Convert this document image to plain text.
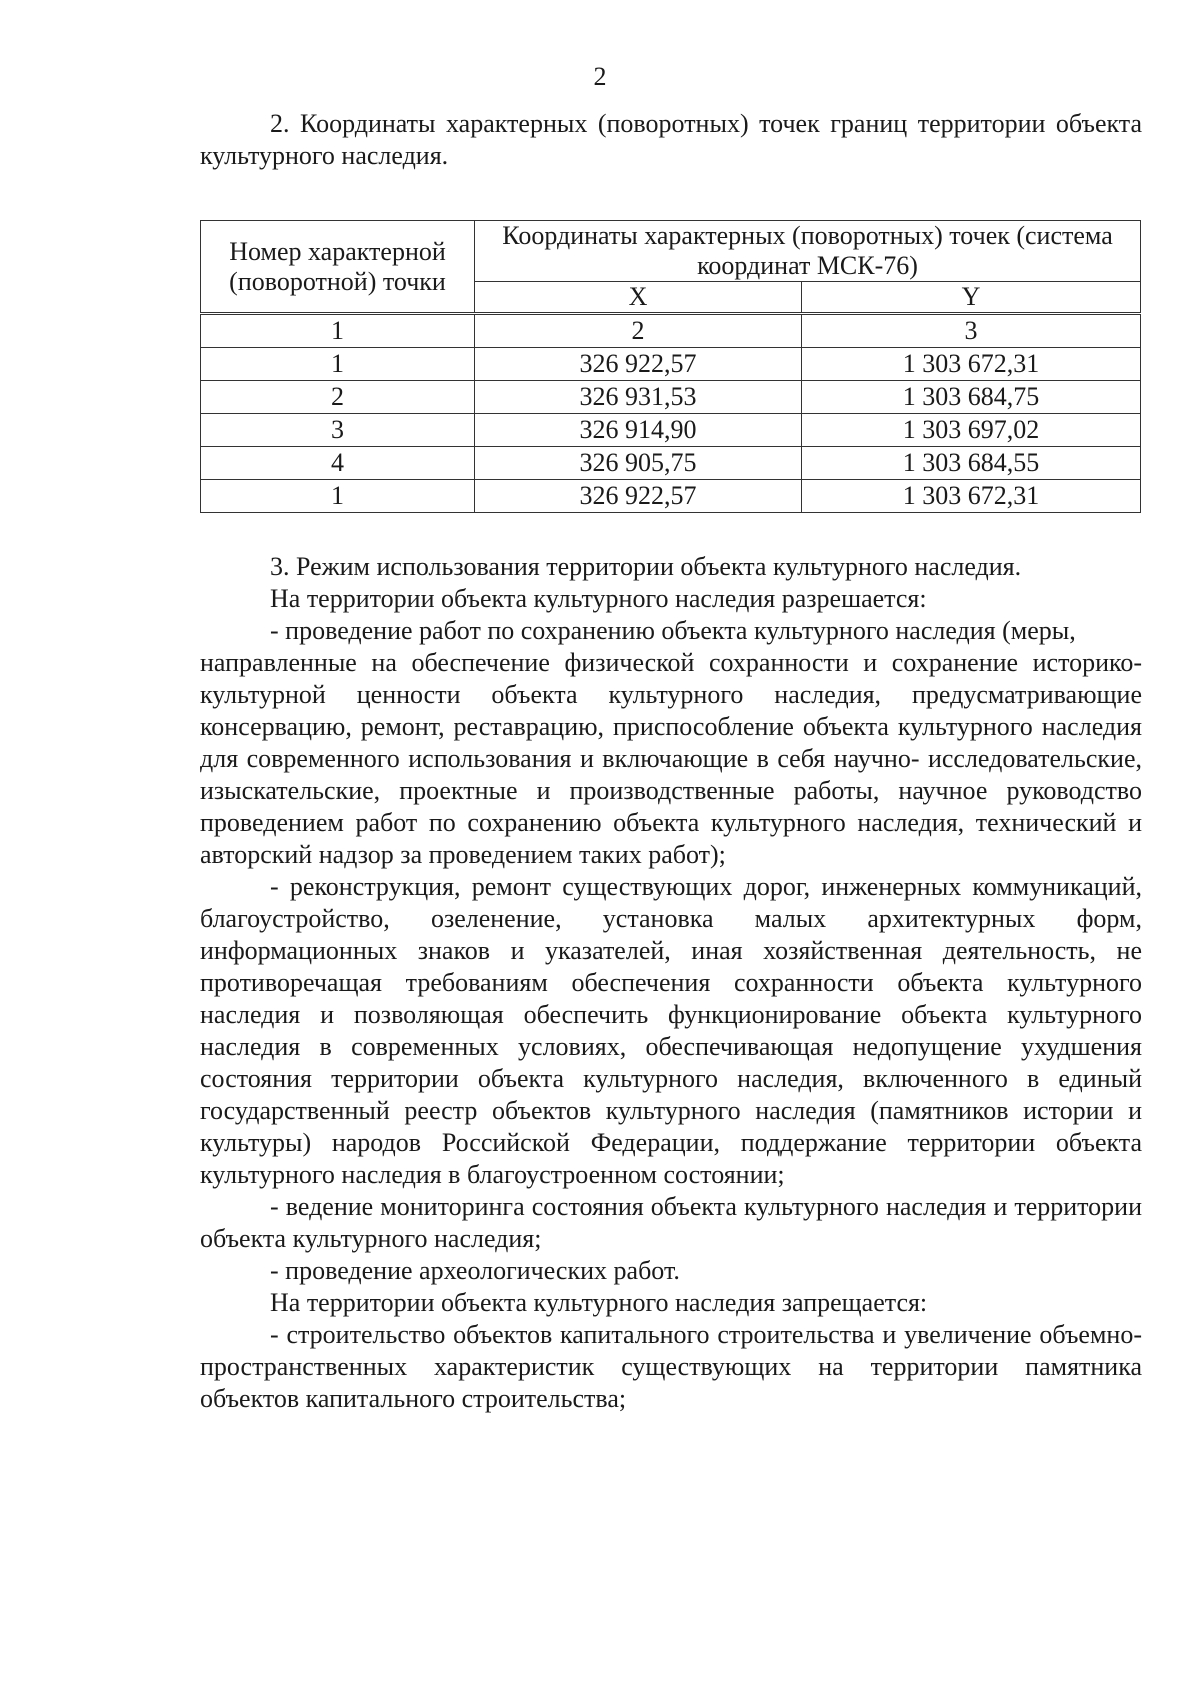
2

2. Координаты характерных (поворотных) точек границ территории объекта культурного наследия.

Номер характерной (поворотной) точки	Координаты характерных (поворотных) точек (система координат МСК-76)	
	X	Y
1	2	3
1	326 922,57	1 303 672,31
2	326 931,53	1 303 684,75
3	326 914,90	1 303 697,02
4	326 905,75	1 303 684,55
1	326 922,57	1 303 672,31

3. Режим использования территории объекта культурного наследия.

На территории объекта культурного наследия разрешается:

- проведение работ по сохранению объекта культурного наследия (меры,

направленные на обеспечение физической сохранности и сохранение историко-культурной ценности объекта культурного наследия, предусматривающие консервацию, ремонт, реставрацию, приспособление объекта культурного наследия для современного использования и включающие в себя научно- исследовательские, изыскательские, проектные и производственные работы, научное руководство проведением работ по сохранению объекта культурного наследия, технический и авторский надзор за проведением таких работ);

- реконструкция, ремонт существующих дорог, инженерных коммуникаций, благоустройство, озеленение, установка малых архитектурных форм, информационных знаков и указателей, иная хозяйственная деятельность, не противоречащая требованиям обеспечения сохранности объекта культурного наследия и позволяющая обеспечить функционирование объекта культурного наследия в современных условиях, обеспечивающая недопущение ухудшения состояния территории объекта культурного наследия, включенного в единый государственный реестр объектов культурного наследия (памятников истории и культуры) народов Российской Федерации, поддержание территории объекта культурного наследия в благоустроенном состоянии;

- ведение мониторинга состояния объекта культурного наследия и территории объекта культурного наследия;

- проведение археологических работ.

На территории объекта культурного наследия запрещается:

- строительство объектов капитального строительства и увеличение объемно-пространственных характеристик существующих на территории памятника объектов капитального строительства;
